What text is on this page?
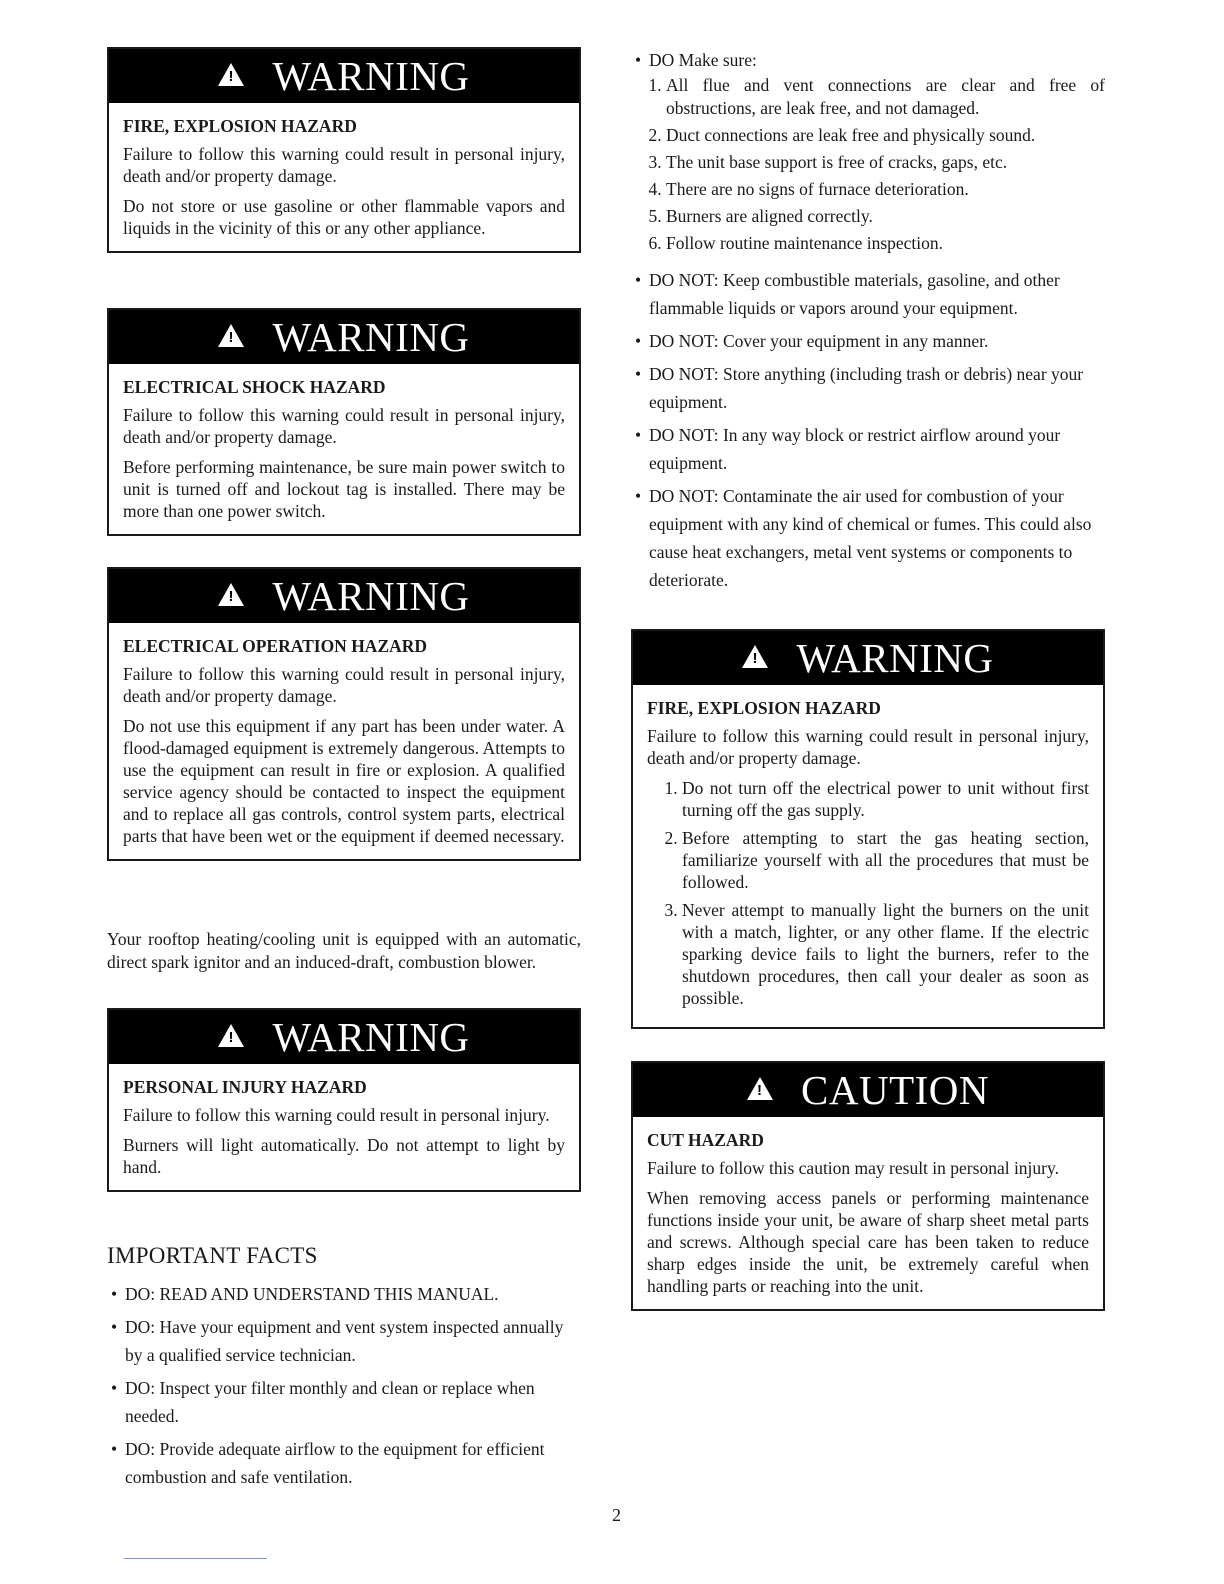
!
WARNING
FIRE, EXPLOSION HAZARD

Failure to follow this warning could result in personal injury, death and/or property damage.

Do not store or use gasoline or other flammable vapors and liquids in the vicinity of this or any other appliance.

!
WARNING
ELECTRICAL SHOCK HAZARD

Failure to follow this warning could result in personal injury, death and/or property damage.

Before performing maintenance, be sure main power switch to unit is turned off and lockout tag is installed. There may be more than one power switch.

!
WARNING
ELECTRICAL OPERATION HAZARD

Failure to follow this warning could result in personal injury, death and/or property damage.

Do not use this equipment if any part has been under water. A flood-damaged equipment is extremely dangerous. Attempts to use the equipment can result in fire or explosion. A qualified service agency should be contacted to inspect the equipment and to replace all gas controls, control system parts, electrical parts that have been wet or the equipment if deemed necessary.

Your rooftop heating/cooling unit is equipped with an automatic, direct spark ignitor and an induced-draft, combustion blower.

!
WARNING
PERSONAL INJURY HAZARD

Failure to follow this warning could result in personal injury.

Burners will light automatically. Do not attempt to light by hand.

IMPORTANT FACTS
• DO: READ AND UNDERSTAND THIS MANUAL.
• DO: Have your equipment and vent system inspected annually by a qualified service technician.
• DO: Inspect your filter monthly and clean or replace when needed.
• DO: Provide adequate airflow to the equipment for efficient combustion and safe ventilation.
• DO Make sure:
1. All flue and vent connections are clear and free of obstructions, are leak free, and not damaged.
2. Duct connections are leak free and physically sound.
3. The unit base support is free of cracks, gaps, etc.
4. There are no signs of furnace deterioration.
5. Burners are aligned correctly.
6. Follow routine maintenance inspection.
• DO NOT: Keep combustible materials, gasoline, and other flammable liquids or vapors around your equipment.
• DO NOT: Cover your equipment in any manner.
• DO NOT: Store anything (including trash or debris) near your equipment.
• DO NOT: In any way block or restrict airflow around your equipment.
• DO NOT: Contaminate the air used for combustion of your equipment with any kind of chemical or fumes. This could also cause heat exchangers, metal vent systems or components to deteriorate.
!
WARNING
FIRE, EXPLOSION HAZARD

Failure to follow this warning could result in personal injury, death and/or property damage.

1. Do not turn off the electrical power to unit without first turning off the gas supply.
2. Before attempting to start the gas heating section, familiarize yourself with all the procedures that must be followed.
3. Never attempt to manually light the burners on the unit with a match, lighter, or any other flame. If the electric sparking device fails to light the burners, refer to the shutdown procedures, then call your dealer as soon as possible.
!
CAUTION
CUT HAZARD

Failure to follow this caution may result in personal injury.

When removing access panels or performing maintenance functions inside your unit, be aware of sharp sheet metal parts and screws. Although special care has been taken to reduce sharp edges inside the unit, be extremely careful when handling parts or reaching into the unit.

2
